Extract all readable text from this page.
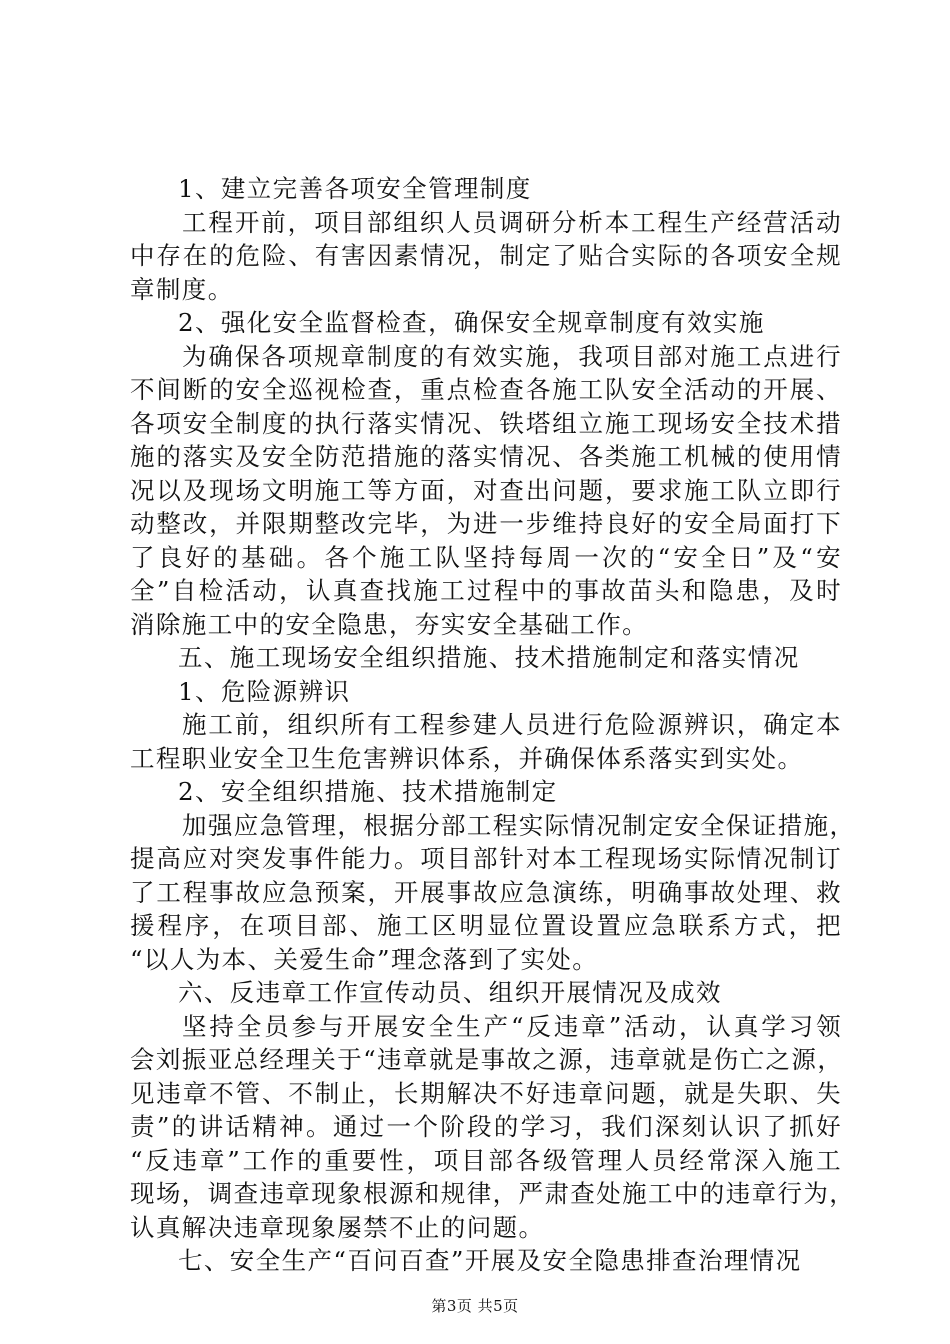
1、建立完善各项安全管理制度
工程开前，项目部组织人员调研分析本工程生产经营活动
中存在的危险、有害因素情况，制定了贴合实际的各项安全规
章制度。
2、强化安全监督检查，确保安全规章制度有效实施
为确保各项规章制度的有效实施，我项目部对施工点进行
不间断的安全巡视检查，重点检查各施工队安全活动的开展、
各项安全制度的执行落实情况、铁塔组立施工现场安全技术措
施的落实及安全防范措施的落实情况、各类施工机械的使用情
况以及现场文明施工等方面，对查出问题，要求施工队立即行
动整改，并限期整改完毕，为进一步维持良好的安全局面打下
了良好的基础。各个施工队坚持每周一次的“安全日”及“安
全”自检活动，认真查找施工过程中的事故苗头和隐患，及时
消除施工中的安全隐患，夯实安全基础工作。
五、施工现场安全组织措施、技术措施制定和落实情况
1、危险源辨识
施工前，组织所有工程参建人员进行危险源辨识，确定本
工程职业安全卫生危害辨识体系，并确保体系落实到实处。
2、安全组织措施、技术措施制定
加强应急管理，根据分部工程实际情况制定安全保证措施，
提高应对突发事件能力。项目部针对本工程现场实际情况制订
了工程事故应急预案，开展事故应急演练，明确事故处理、救
援程序，在项目部、施工区明显位置设置应急联系方式，把
“以人为本、关爱生命”理念落到了实处。
六、反违章工作宣传动员、组织开展情况及成效
坚持全员参与开展安全生产“反违章”活动，认真学习领
会刘振亚总经理关于“违章就是事故之源，违章就是伤亡之源，
见违章不管、不制止，长期解决不好违章问题，就是失职、失
责”的讲话精神。通过一个阶段的学习，我们深刻认识了抓好
“反违章”工作的重要性，项目部各级管理人员经常深入施工
现场，调查违章现象根源和规律，严肃查处施工中的违章行为，
认真解决违章现象屡禁不止的问题。
七、安全生产“百问百查”开展及安全隐患排查治理情况
第3页 共5页
